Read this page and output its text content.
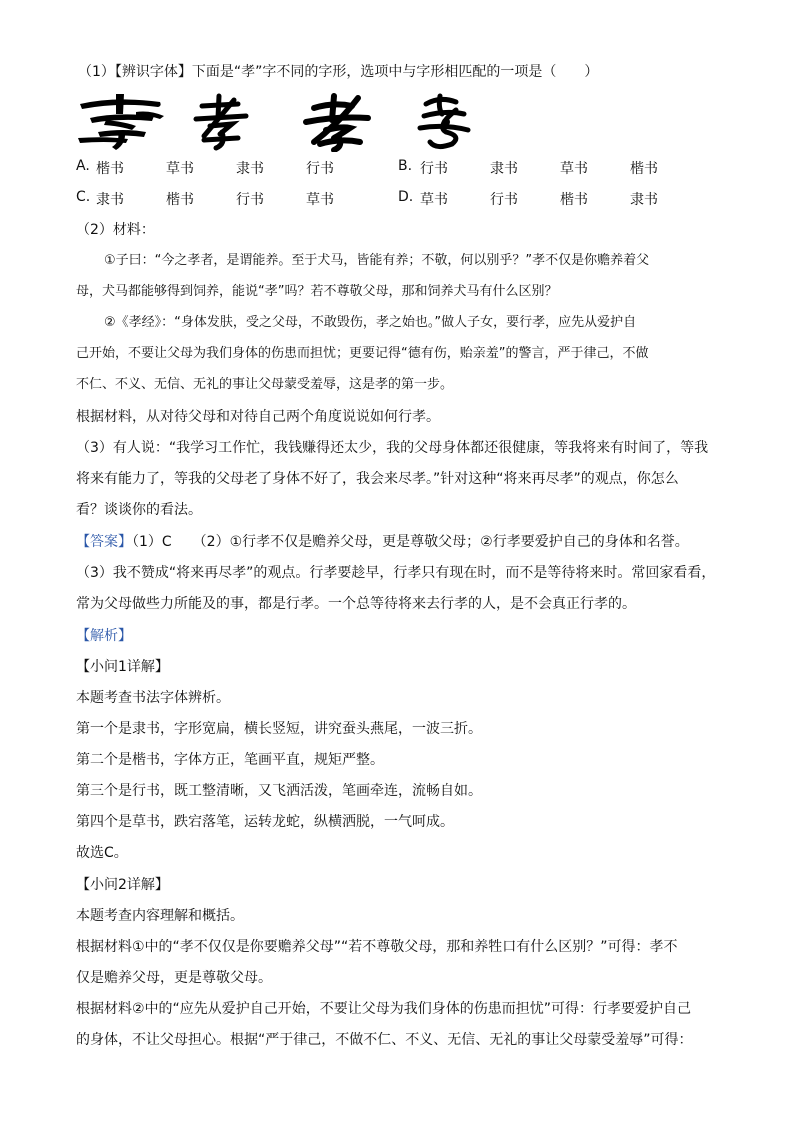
（1）【辨识字体】下面是“孝”字不同的字形，选项中与字形相匹配的一项是（　　）
A. 楷书	草书	隶书	行书	B. 行书	隶书	草书	楷书
C. 隶书	楷书	行书	草书	D. 草书	行书	楷书	隶书
（2）材料：
①子曰：“今之孝者，是谓能养。至于犬马，皆能有养；不敬，何以别乎？”孝不仅是你赡养着父
母，犬马都能够得到饲养，能说“孝”吗？若不尊敬父母，那和饲养犬马有什么区别？
②《孝经》：“身体发肤，受之父母，不敢毁伤，孝之始也。”做人子女，要行孝，应先从爱护自
己开始，不要让父母为我们身体的伤患而担忧；更要记得“德有伤，贻亲羞”的警言，严于律己，不做
不仁、不义、无信、无礼的事让父母蒙受羞辱，这是孝的第一步。
根据材料，从对待父母和对待自己两个角度说说如何行孝。
（3）有人说：“我学习工作忙，我钱赚得还太少，我的父母身体都还很健康，等我将来有时间了，等我
将来有能力了，等我的父母老了身体不好了，我会来尽孝。”针对这种“将来再尽孝”的观点，你怎么
看？谈谈你的看法。
【答案】（1）C　　（2）①行孝不仅是赡养父母，更是尊敬父母；②行孝要爱护自己的身体和名誉。
（3）我不赞成“将来再尽孝”的观点。行孝要趁早，行孝只有现在时，而不是等待将来时。常回家看看，
常为父母做些力所能及的事，都是行孝。一个总等待将来去行孝的人，是不会真正行孝的。
【解析】
【小问1详解】
本题考查书法字体辨析。
第一个是隶书，字形宽扁，横长竖短，讲究蚕头燕尾，一波三折。
第二个是楷书，字体方正，笔画平直，规矩严整。
第三个是行书，既工整清晰，又飞洒活泼，笔画牵连，流畅自如。
第四个是草书，跌宕落笔，运转龙蛇，纵横洒脱，一气呵成。
故选C。
【小问2详解】
本题考查内容理解和概括。
根据材料①中的“孝不仅仅是你要赡养父母”“若不尊敬父母，那和养牲口有什么区别？”可得：孝不
仅是赡养父母，更是尊敬父母。
根据材料②中的“应先从爱护自己开始，不要让父母为我们身体的伤患而担忧”可得：行孝要爱护自己
的身体，不让父母担心。根据“严于律己，不做不仁、不义、无信、无礼的事让父母蒙受羞辱”可得：
